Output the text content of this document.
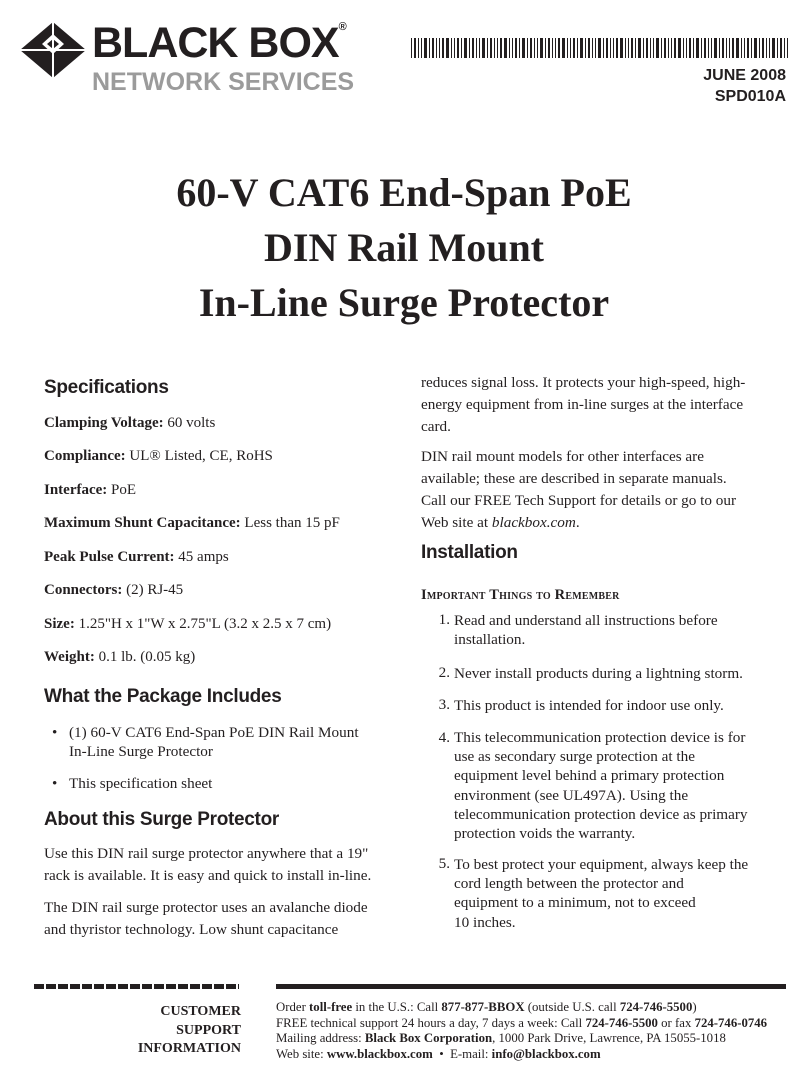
BLACK BOX®
NETWORK SERVICES	JUNE 2008
SPD010A
60-V CAT6 End-Span PoE
DIN Rail Mount
In-Line Surge Protector
Specifications
Clamping Voltage: 60 volts
Compliance: UL® Listed, CE, RoHS
Interface: PoE
Maximum Shunt Capacitance: Less than 15 pF
Peak Pulse Current: 45 amps
Connectors: (2) RJ-45
Size: 1.25"H x 1"W x 2.75"L (3.2 x 2.5 x 7 cm)
Weight: 0.1 lb. (0.05 kg)
What the Package Includes
• (1) 60-V CAT6 End-Span PoE DIN Rail Mount
In-Line Surge Protector
• This specification sheet
About this Surge Protector
Use this DIN rail surge protector anywhere that a 19"
rack is available. It is easy and quick to install in-line.
The DIN rail surge protector uses an avalanche diode
and thyristor technology. Low shunt capacitance
reduces signal loss. It protects your high-speed, high-
energy equipment from in-line surges at the interface
card.
DIN rail mount models for other interfaces are
available; these are described in separate manuals.
Call our FREE Tech Support for details or go to our
Web site at blackbox.com.
Installation
Important Things to Remember
1. Read and understand all instructions before
installation.
2. Never install products during a lightning storm.
3. This product is intended for indoor use only.
4. This telecommunication protection device is for
use as secondary surge protection at the
equipment level behind a primary protection
environment (see UL497A). Using the
telecommunication protection device as primary
protection voids the warranty.
5. To best protect your equipment, always keep the
cord length between the protector and
equipment to a minimum, not to exceed
10 inches.
CUSTOMER
SUPPORT
INFORMATION
Order toll-free in the U.S.: Call 877-877-BBOX (outside U.S. call 724-746-5500)
FREE technical support 24 hours a day, 7 days a week: Call 724-746-5500 or fax 724-746-0746
Mailing address: Black Box Corporation, 1000 Park Drive, Lawrence, PA 15055-1018
Web site: www.blackbox.com  •  E-mail: info@blackbox.com
